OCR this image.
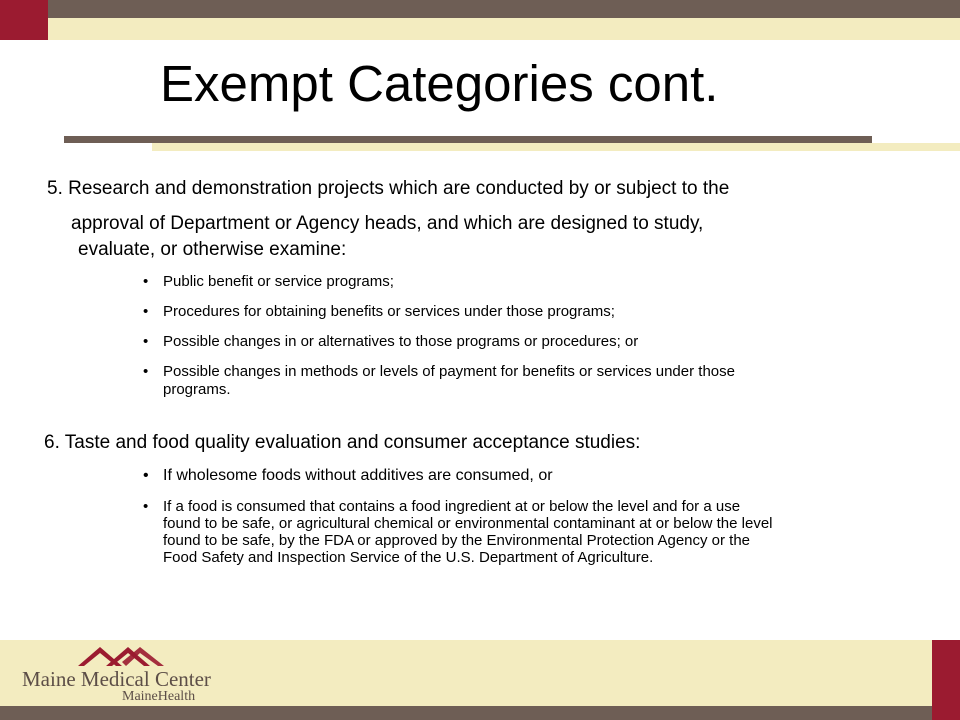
Exempt Categories cont.

5. Research and demonstration projects which are conducted by or subject to the

approval of Department or Agency heads, and which are designed to study,

evaluate, or otherwise examine:

• Public benefit or service programs;
• Procedures for obtaining benefits or services under those programs;
• Possible changes in or alternatives to those programs or procedures; or
• Possible changes in methods or levels of payment for benefits or services under those
programs.

6. Taste and food quality evaluation and consumer acceptance studies:

• If wholesome foods without additives are consumed, or
• If a food is consumed that contains a food ingredient at or below the level and for a use
found to be safe, or agricultural chemical or environmental contaminant at or below the level
found to be safe, by the FDA or approved by the Environmental Protection Agency or the
Food Safety and Inspection Service of the U.S. Department of Agriculture.
Maine Medical Center
MaineHealth
